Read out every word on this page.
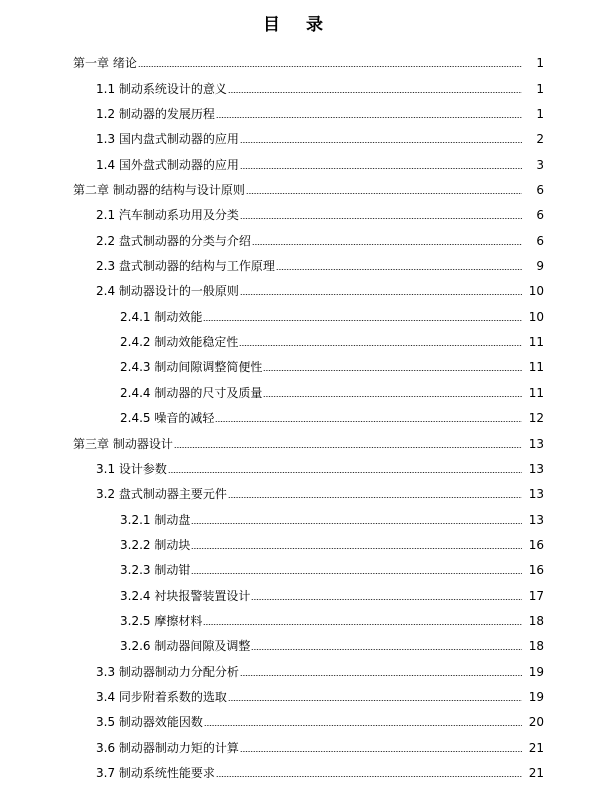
目 录
第一章 绪论	1
1.1 制动系统设计的意义	1
1.2 制动器的发展历程	1
1.3 国内盘式制动器的应用	2
1.4 国外盘式制动器的应用	3
第二章 制动器的结构与设计原则	6
2.1 汽车制动系功用及分类	6
2.2 盘式制动器的分类与介绍	6
2.3 盘式制动器的结构与工作原理	9
2.4 制动器设计的一般原则	10
2.4.1 制动效能	10
2.4.2 制动效能稳定性	11
2.4.3 制动间隙调整简便性	11
2.4.4 制动器的尺寸及质量	11
2.4.5 噪音的减轻	12
第三章 制动器设计	13
3.1 设计参数	13
3.2 盘式制动器主要元件	13
3.2.1 制动盘	13
3.2.2 制动块	16
3.2.3 制动钳	16
3.2.4 衬块报警装置设计	17
3.2.5 摩擦材料	18
3.2.6 制动器间隙及调整	18
3.3 制动器制动力分配分析	19
3.4 同步附着系数的选取	19
3.5 制动器效能因数	20
3.6 制动器制动力矩的计算	21
3.7 制动系统性能要求	21
